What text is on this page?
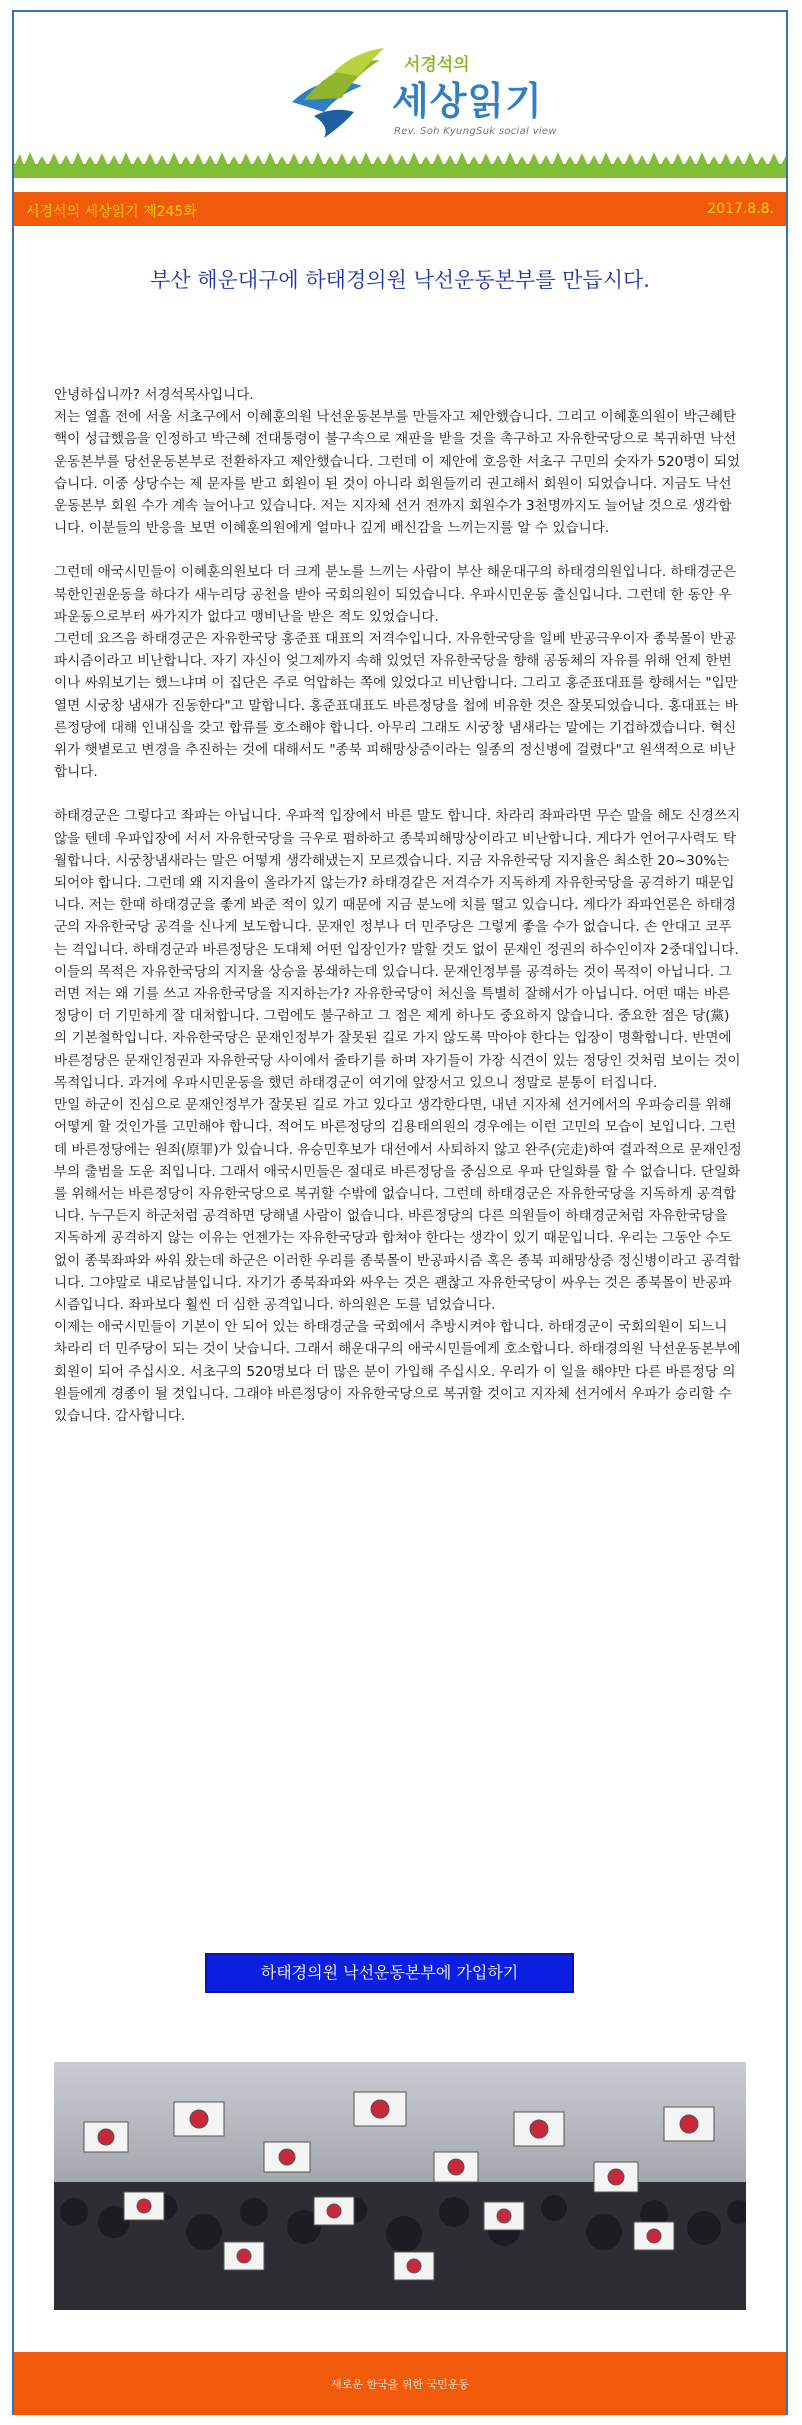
서경석의
세상읽기
Rev. Soh KyungSuk social view
서경석의 세상읽기 제245화	2017.8.8.
부산 해운대구에 하태경의원 낙선운동본부를 만듭시다.

안녕하십니까? 서경석목사입니다.

저는 열흘 전에 서울 서초구에서 이혜훈의원 낙선운동본부를 만들자고 제안했습니다. 그리고 이혜훈의원이 박근혜탄핵이 성급했음을 인정하고 박근혜 전대통령이 불구속으로 재판을 받을 것을 촉구하고 자유한국당으로 복귀하면 낙선운동본부를 당선운동본부로 전환하자고 제안했습니다. 그런데 이 제안에 호응한 서초구 구민의 숫자가 520명이 되었습니다. 이중 상당수는 제 문자를 받고 회원이 된 것이 아니라 회원들끼리 권고해서 회원이 되었습니다. 지금도 낙선운동본부 회원 수가 계속 늘어나고 있습니다. 저는 지자체 선거 전까지 회원수가 3천명까지도 늘어날 것으로 생각합니다. 이분들의 반응을 보면 이혜훈의원에게 얼마나 깊게 배신감을 느끼는지를 알 수 있습니다.

그런데 애국시민들이 이혜훈의원보다 더 크게 분노를 느끼는 사람이 부산 해운대구의 하태경의원입니다. 하태경군은 북한인권운동을 하다가 새누리당 공천을 받아 국회의원이 되었습니다. 우파시민운동 출신입니다. 그런데 한 동안 우파운동으로부터 싸가지가 없다고 맹비난을 받은 적도 있었습니다.

그런데 요즈음 하태경군은 자유한국당 홍준표 대표의 저격수입니다. 자유한국당을 일베 반공극우이자 종북몰이 반공 파시즘이라고 비난합니다. 자기 자신이 엊그제까지 속해 있었던 자유한국당을 향해 공동체의 자유를 위해 언제 한번이나 싸워보기는 했느냐며 이 집단은 주로 억압하는 쪽에 있었다고 비난합니다. 그리고 홍준표대표를 향해서는 "입만 열면 시궁창 냄새가 진동한다"고 말합니다. 홍준표대표도 바른정당을 첩에 비유한 것은 잘못되었습니다. 홍대표는 바른정당에 대해 인내심을 갖고 합류를 호소해야 합니다. 아무리 그래도 시궁창 냄새라는 말에는 기겁하겠습니다. 혁신위가 햇볕로고 변경을 추진하는 것에 대해서도 "종북 피해망상증이라는 일종의 정신병에 걸렸다"고 원색적으로 비난합니다.

하태경군은 그렇다고 좌파는 아닙니다. 우파적 입장에서 바른 말도 합니다. 차라리 좌파라면 무슨 말을 해도 신경쓰지 않을 텐데 우파입장에 서서 자유한국당을 극우로 폄하하고 종북피해망상이라고 비난합니다. 게다가 언어구사력도 탁월합니다. 시궁창냄새라는 말은 어떻게 생각해냈는지 모르겠습니다. 지금 자유한국당 지지율은 최소한 20~30%는 되어야 합니다. 그런데 왜 지지율이 올라가지 않는가? 하태경같은 저격수가 지독하게 자유한국당을 공격하기 때문입니다. 저는 한때 하태경군을 좋게 봐준 적이 있기 때문에 지금 분노에 치를 떨고 있습니다. 게다가 좌파언론은 하태경군의 자유한국당 공격을 신나게 보도합니다. 문재인 정부나 더 민주당은 그렇게 좋을 수가 없습니다. 손 안대고 코푸는 격입니다. 하태경군과 바른정당은 도대체 어떤 입장인가? 말할 것도 없이 문재인 정권의 하수인이자 2중대입니다. 이들의 목적은 자유한국당의 지지율 상승을 봉쇄하는데 있습니다. 문재인정부를 공격하는 것이 목적이 아닙니다. 그러면 저는 왜 기를 쓰고 자유한국당을 지지하는가? 자유한국당이 처신을 특별히 잘해서가 아닙니다. 어떤 때는 바른정당이 더 기민하게 잘 대처합니다. 그럼에도 불구하고 그 점은 제게 하나도 중요하지 않습니다. 중요한 점은 당(黨)의 기본철학입니다. 자유한국당은 문재인정부가 잘못된 길로 가지 않도록 막아야 한다는 입장이 명확합니다. 반면에 바른정당은 문재인정권과 자유한국당 사이에서 줄타기를 하며 자기들이 가장 식견이 있는 정당인 것처럼 보이는 것이 목적입니다. 과거에 우파시민운동을 했던 하태경군이 여기에 앞장서고 있으니 정말로 분통이 터집니다.

만일 하군이 진심으로 문재인정부가 잘못된 길로 가고 있다고 생각한다면, 내년 지자체 선거에서의 우파승리를 위해 어떻게 할 것인가를 고민해야 합니다. 적어도 바른정당의 김용태의원의 경우에는 이런 고민의 모습이 보입니다. 그런데 바른정당에는 원죄(原罪)가 있습니다. 유승민후보가 대선에서 사퇴하지 않고 완주(完走)하여 결과적으로 문재인정부의 출범을 도운 죄입니다. 그래서 애국시민들은 절대로 바른정당을 중심으로 우파 단일화를 할 수 없습니다. 단일화를 위해서는 바른정당이 자유한국당으로 복귀할 수밖에 없습니다. 그런데 하태경군은 자유한국당을 지독하게 공격합니다. 누구든지 하군처럼 공격하면 당해낼 사람이 없습니다. 바른정당의 다른 의원들이 하태경군처럼 자유한국당을 지독하게 공격하지 않는 이유는 언젠가는 자유한국당과 합쳐야 한다는 생각이 있기 때문입니다. 우리는 그동안 수도 없이 종북좌파와 싸워 왔는데 하군은 이러한 우리를 종북몰이 반공파시즘 혹은 종북 피해망상증 정신병이라고 공격합니다. 그야말로 내로남불입니다. 자기가 종북좌파와 싸우는 것은 괜찮고 자유한국당이 싸우는 것은 종북몰이 반공파시즘입니다. 좌파보다 훨씬 더 심한 공격입니다. 하의원은 도를 넘었습니다.

이제는 애국시민들이 기본이 안 되어 있는 하태경군을 국회에서 추방시켜야 합니다. 하태경군이 국회의원이 되느니 차라리 더 민주당이 되는 것이 낫습니다. 그래서 해운대구의 애국시민들에게 호소합니다. 하태경의원 낙선운동본부에 회원이 되어 주십시오. 서초구의 520명보다 더 많은 분이 가입해 주십시오. 우리가 이 일을 해야만 다른 바른정당 의원들에게 경종이 될 것입니다. 그래야 바른정당이 자유한국당으로 복귀할 것이고 지자체 선거에서 우파가 승리할 수 있습니다. 감사합니다.

하태경의원 낙선운동본부에 가입하기
새로운 한국을 위한 국민운동
